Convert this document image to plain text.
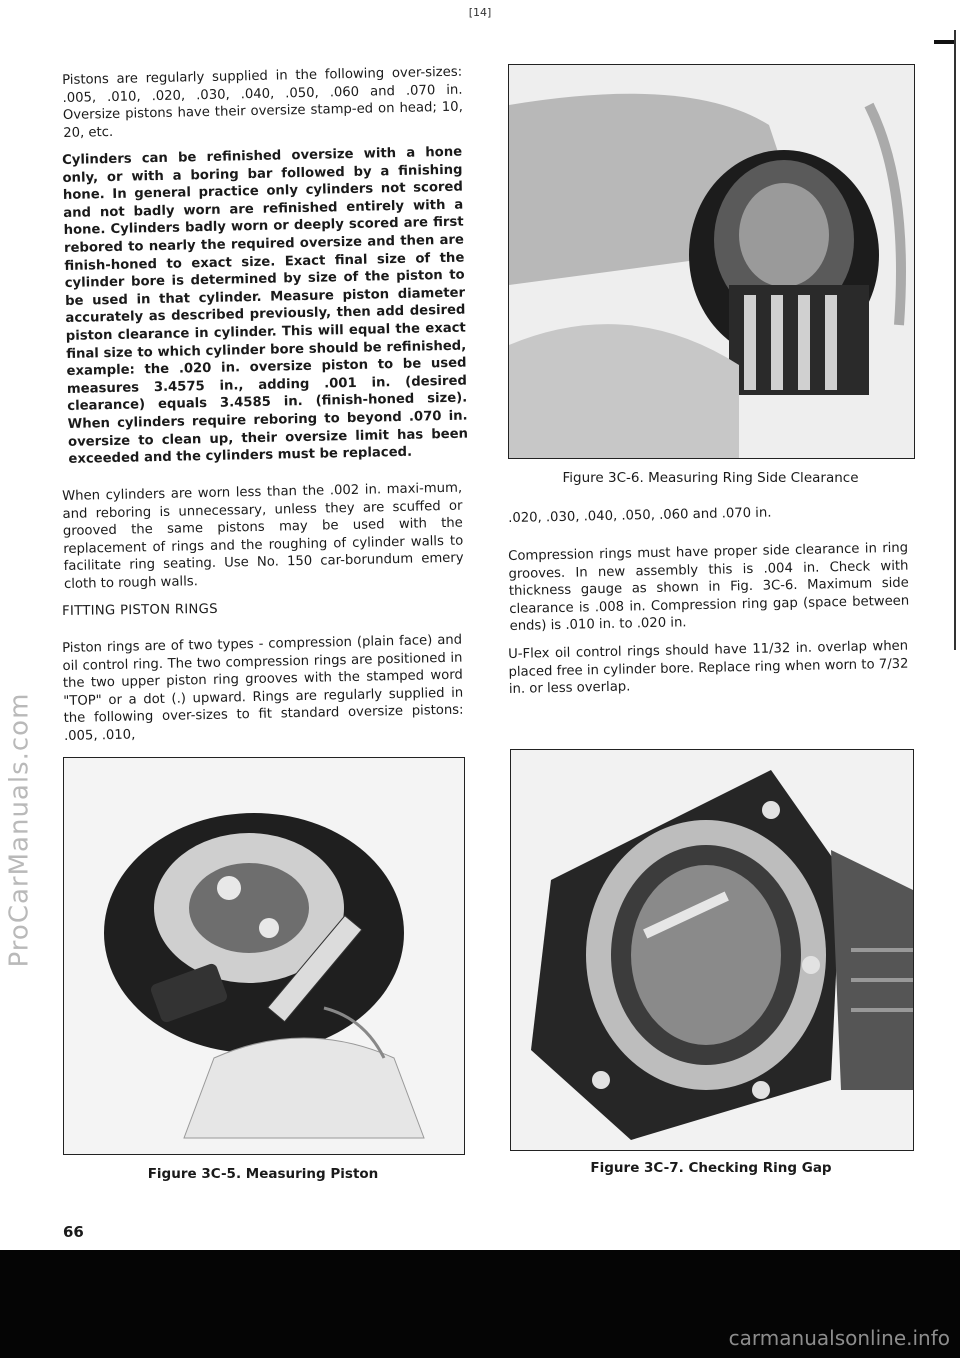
[14]
ProCarManuals.com

Pistons are regularly supplied in the following over-sizes: .005, .010, .020, .030, .040, .050, .060 and .070 in. Oversize pistons have their oversize stamp-ed on head; 10, 20, etc.

Cylinders can be refinished oversize with a hone only, or with a boring bar followed by a finishing hone. In general practice only cylinders not scored and not badly worn are refinished entirely with a hone. Cylinders badly worn or deeply scored are first rebored to nearly the required oversize and then are finish-honed to exact size. Exact final size of the cylinder bore is determined by size of the piston to be used in that cylinder. Measure piston diameter accurately as described previously, then add desired piston clearance in cylinder. This will equal the exact final size to which cylinder bore should be refinished, example: the .020 in. oversize piston to be used measures 3.4575 in., adding .001 in. (desired clearance) equals 3.4585 in. (finish-honed size). When cylinders require reboring to beyond .070 in. oversize to clean up, their oversize limit has been exceeded and the cylinders must be replaced.

When cylinders are worn less than the .002 in. maxi-mum, and reboring is unnecessary, unless they are scuffed or grooved the same pistons may be used with the replacement of rings and the roughing of cylinder walls to facilitate ring seating. Use No. 150 car-borundum emery cloth to rough walls.

FITTING PISTON RINGS

Piston rings are of two types - compression (plain face) and oil control ring. The two compression rings are positioned in the two upper piston ring grooves with the stamped word "TOP" or a dot (.) upward. Rings are regularly supplied in the following over-sizes to fit standard oversize pistons: .005, .010,

Figure 3C-5. Measuring Piston
Figure 3C-6. Measuring Ring Side Clearance

.020, .030, .040, .050, .060 and .070 in.

Compression rings must have proper side clearance in ring grooves. In new assembly this is .004 in. Check with thickness gauge as shown in Fig. 3C-6. Maximum side clearance is .008 in. Compression ring gap (space between ends) is .010 in. to .020 in.

U-Flex oil control rings should have 11/32 in. overlap when placed free in cylinder bore. Replace ring when worn to 7/32 in. or less overlap.

Figure 3C-7. Checking Ring Gap
66
carmanualsonline.info
